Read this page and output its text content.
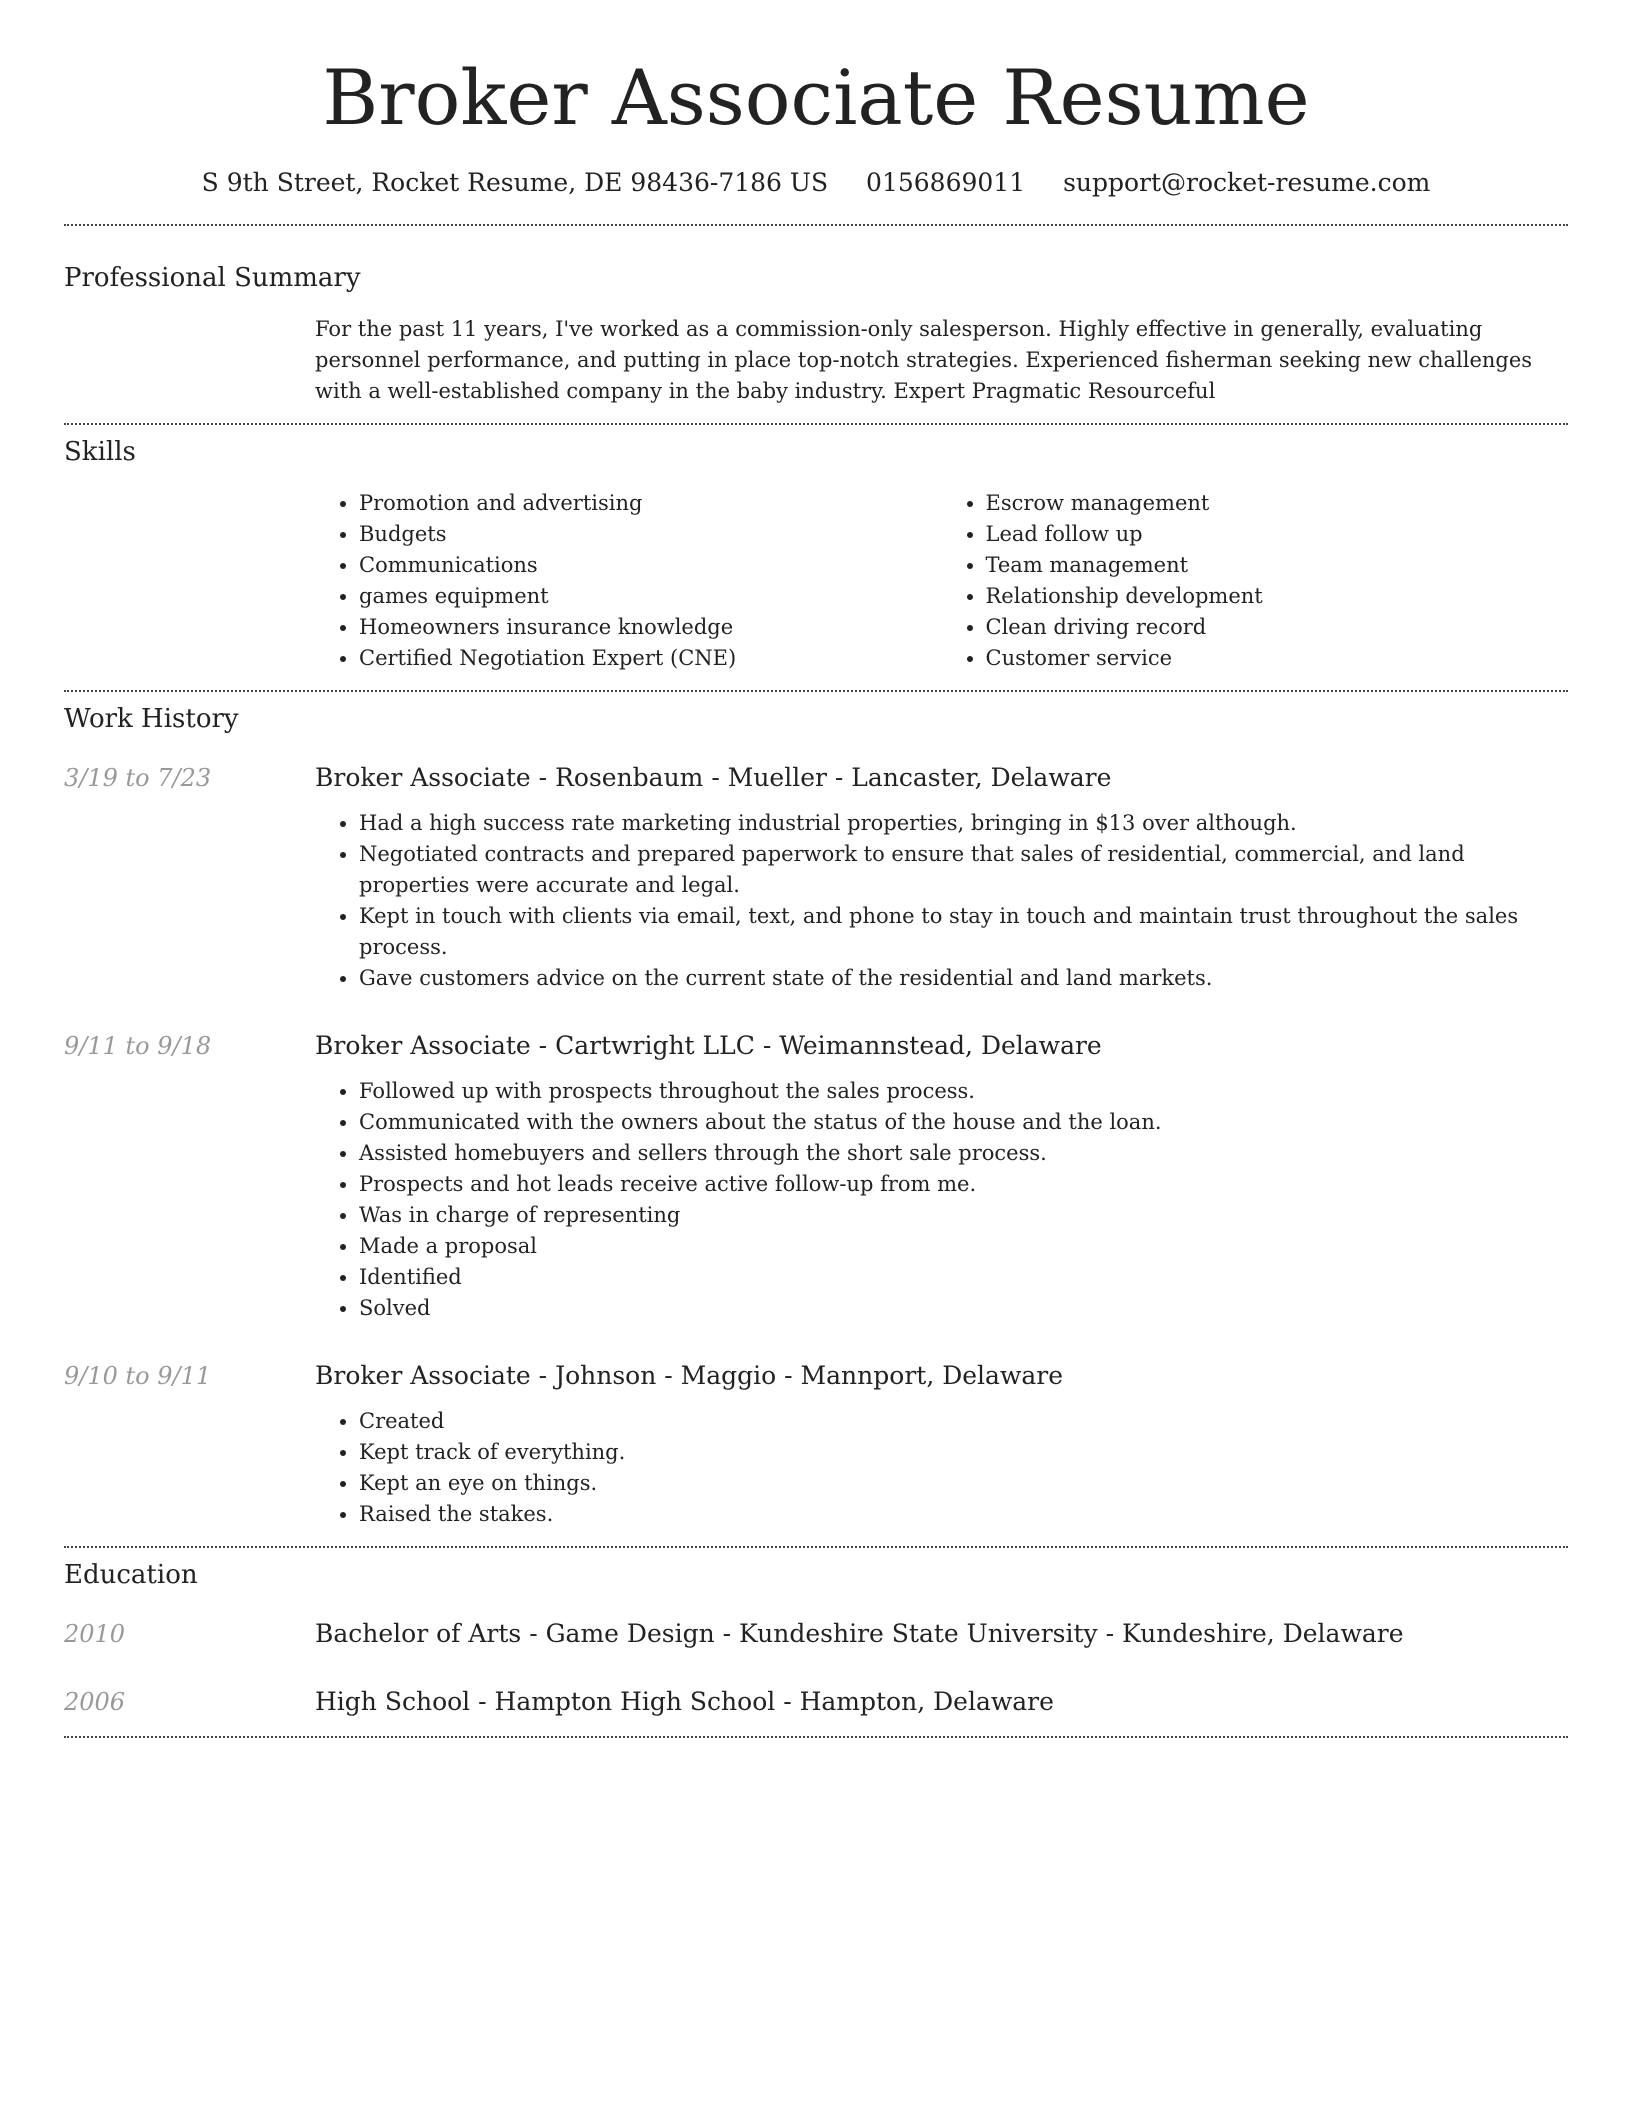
Broker Associate Resume
S 9th Street, Rocket Resume, DE 98436-7186 US 0156869011 support@rocket-resume.com
Professional Summary

For the past 11 years, I've worked as a commission-only salesperson. Highly effective in generally, evaluating personnel performance, and putting in place top-notch strategies. Experienced fisherman seeking new challenges with a well-established company in the baby industry. Expert Pragmatic Resourceful

Skills
• Promotion and advertising
• Budgets
• Communications
• games equipment
• Homeowners insurance knowledge
• Certified Negotiation Expert (CNE)
• Escrow management
• Lead follow up
• Team management
• Relationship development
• Clean driving record
• Customer service
Work History
3/19 to 7/23	Broker Associate - Rosenbaum - Mueller - Lancaster, Delaware
• Had a high success rate marketing industrial properties, bringing in $13 over although.
• Negotiated contracts and prepared paperwork to ensure that sales of residential, commercial, and land properties were accurate and legal.
• Kept in touch with clients via email, text, and phone to stay in touch and maintain trust throughout the sales process.
• Gave customers advice on the current state of the residential and land markets.
9/11 to 9/18	Broker Associate - Cartwright LLC - Weimannstead, Delaware
• Followed up with prospects throughout the sales process.
• Communicated with the owners about the status of the house and the loan.
• Assisted homebuyers and sellers through the short sale process.
• Prospects and hot leads receive active follow-up from me.
• Was in charge of representing
• Made a proposal
• Identified
• Solved
9/10 to 9/11	Broker Associate - Johnson - Maggio - Mannport, Delaware
• Created
• Kept track of everything.
• Kept an eye on things.
• Raised the stakes.
Education
2010	Bachelor of Arts - Game Design - Kundeshire State University - Kundeshire, Delaware
2006	High School - Hampton High School - Hampton, Delaware
